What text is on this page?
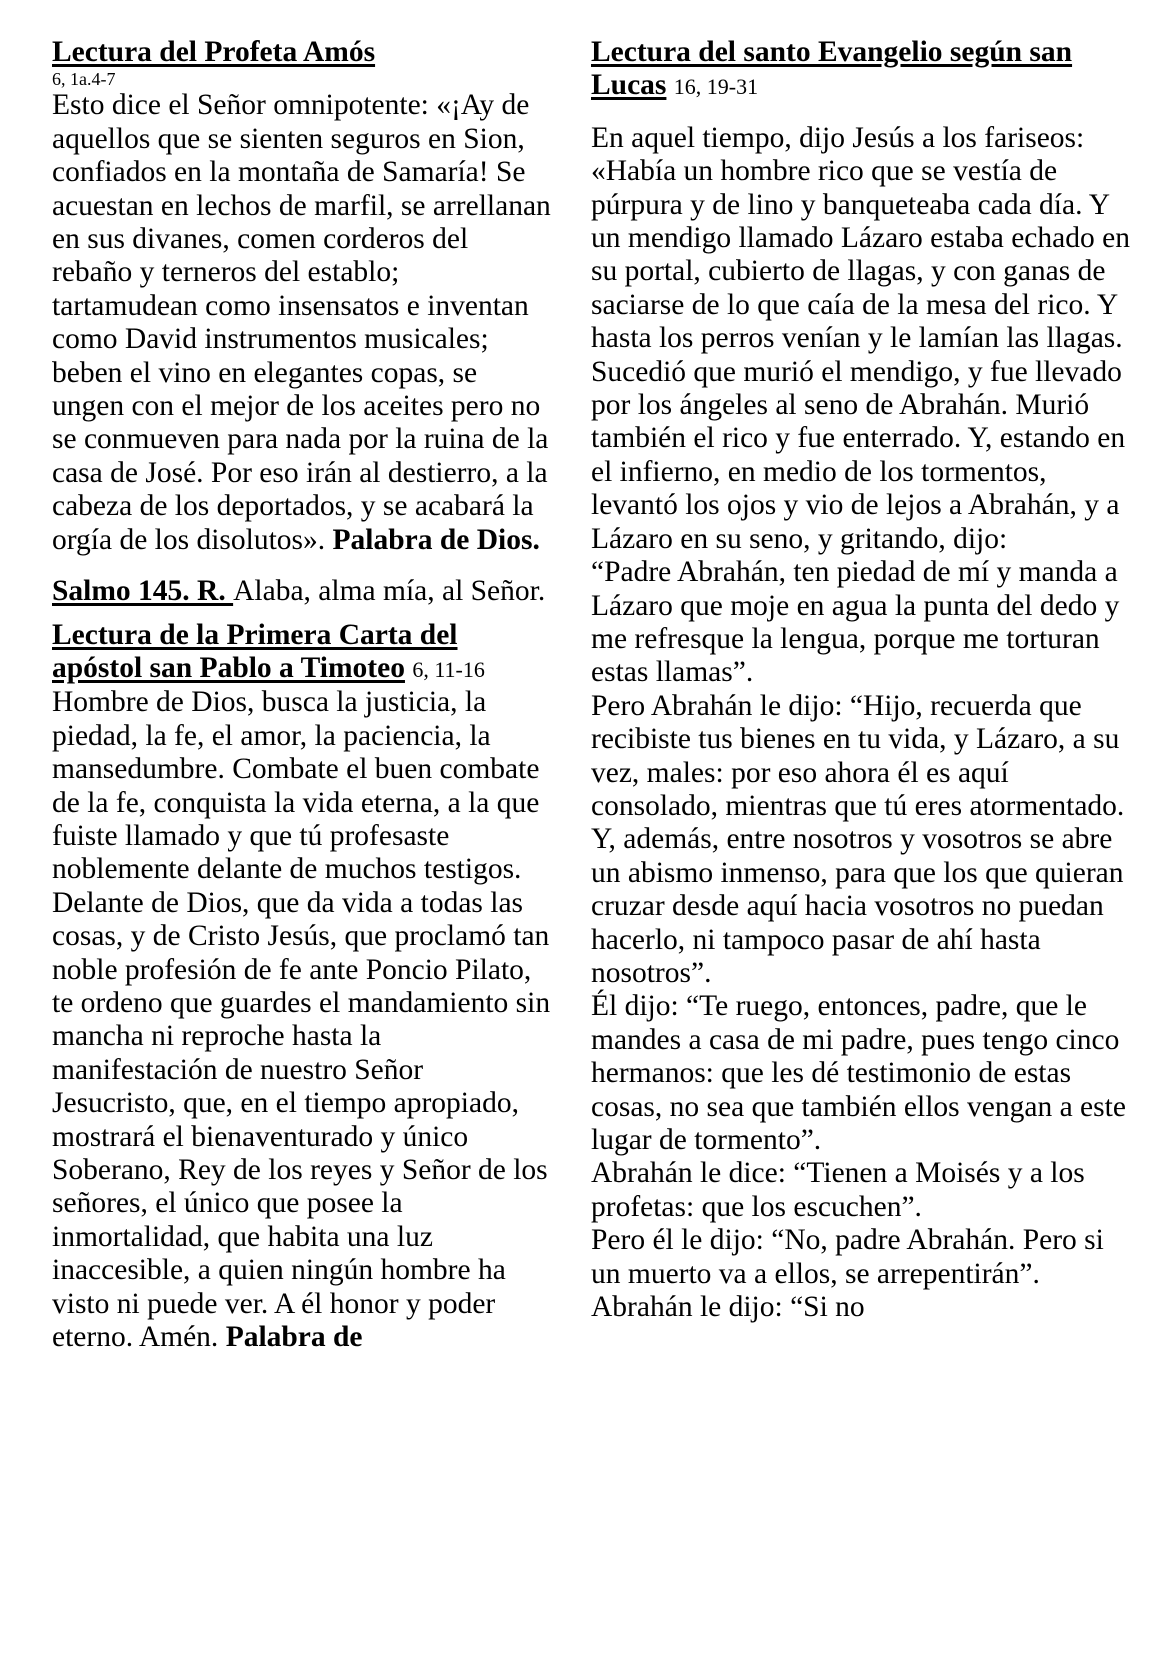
Lectura del Profeta Amós
6, 1a.4-7
Esto dice el Señor omnipotente: «¡Ay de aquellos que se sienten seguros en Sion, confiados en la montaña de Samaría! Se acuestan en lechos de marfil, se arrellanan en sus divanes, comen corderos del rebaño y terneros del establo; tartamudean como insensatos e inventan como David instrumentos musicales; beben el vino en elegantes copas, se ungen con el mejor de los aceites pero no se conmueven para nada por la ruina de la casa de José. Por eso irán al destierro, a la cabeza de los deportados, y se acabará la orgía de los disolutos». Palabra de Dios.

Salmo 145. R. Alaba, alma mía, al Señor.

Lectura de la Primera Carta del apóstol san Pablo a Timoteo 6, 11-16
Hombre de Dios, busca la justicia, la piedad, la fe, el amor, la paciencia, la mansedumbre. Combate el buen combate de la fe, conquista la vida eterna, a la que fuiste llamado y que tú profesaste noblemente delante de muchos testigos. Delante de Dios, que da vida a todas las cosas, y de Cristo Jesús, que proclamó tan noble profesión de fe ante Poncio Pilato, te ordeno que guardes el mandamiento sin mancha ni reproche hasta la manifestación de nuestro Señor Jesucristo, que, en el tiempo apropiado, mostrará el bienaventurado y único Soberano, Rey de los reyes y Señor de los señores, el único que posee la inmortalidad, que habita una luz inaccesible, a quien ningún hombre ha visto ni puede ver. A él honor y poder eterno. Amén. Palabra de

Lectura del santo Evangelio según san Lucas 16, 19-31

En aquel tiempo, dijo Jesús a los fariseos: «Había un hombre rico que se vestía de púrpura y de lino y banqueteaba cada día. Y un mendigo llamado Lázaro estaba echado en su portal, cubierto de llagas, y con ganas de saciarse de lo que caía de la mesa del rico. Y hasta los perros venían y le lamían las llagas.

Sucedió que murió el mendigo, y fue llevado por los ángeles al seno de Abrahán. Murió también el rico y fue enterrado. Y, estando en el infierno, en medio de los tormentos, levantó los ojos y vio de lejos a Abrahán, y a Lázaro en su seno, y gritando, dijo:

“Padre Abrahán, ten piedad de mí y manda a Lázaro que moje en agua la punta del dedo y me refresque la lengua, porque me torturan estas llamas”.

Pero Abrahán le dijo: “Hijo, recuerda que recibiste tus bienes en tu vida, y Lázaro, a su vez, males: por eso ahora él es aquí consolado, mientras que tú eres atormentado. Y, además, entre nosotros y vosotros se abre un abismo inmenso, para que los que quieran cruzar desde aquí hacia vosotros no puedan hacerlo, ni tampoco pasar de ahí hasta nosotros”.

Él dijo: “Te ruego, entonces, padre, que le mandes a casa de mi padre, pues tengo cinco hermanos: que les dé testimonio de estas cosas, no sea que también ellos vengan a este lugar de tormento”.

Abrahán le dice: “Tienen a Moisés y a los profetas: que los escuchen”.

Pero él le dijo: “No, padre Abrahán. Pero si un muerto va a ellos, se arrepentirán”. Abrahán le dijo: “Si no
